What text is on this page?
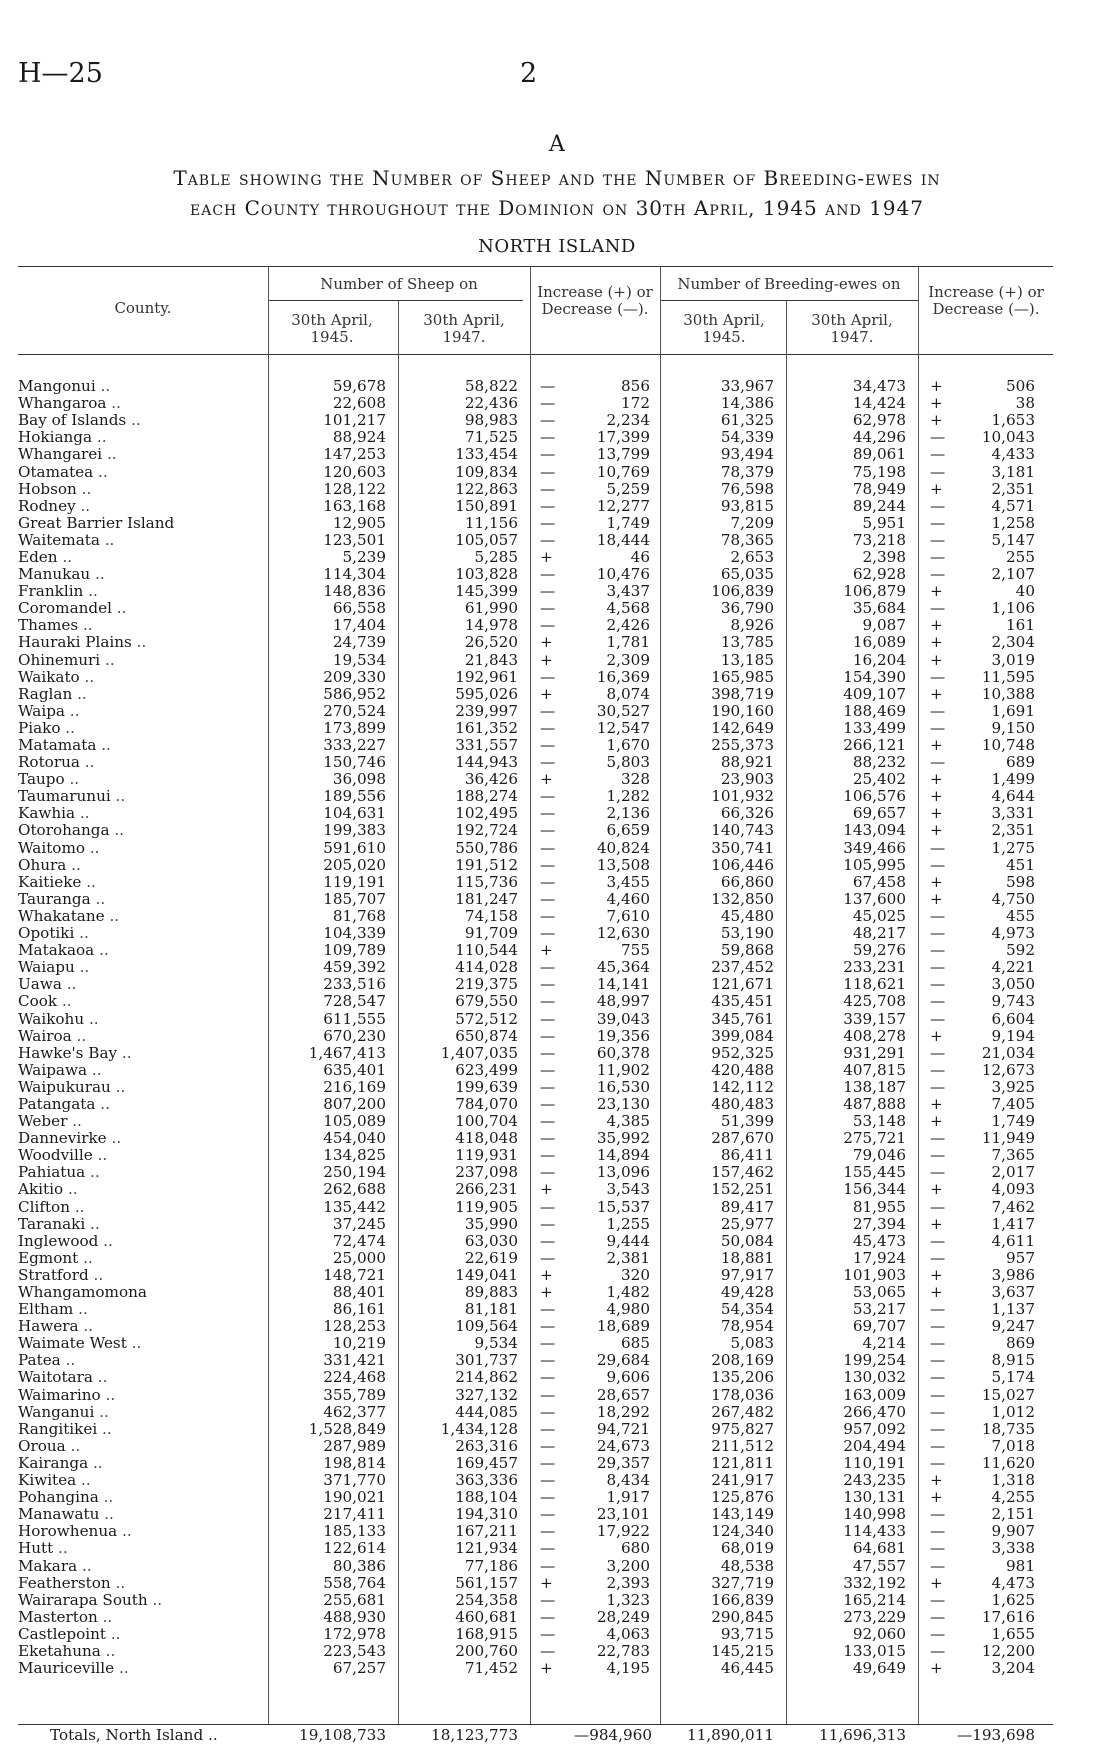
H—25	2
A
Table showing the Number of Sheep and the Number of Breeding-ewes in
each County throughout the Dominion on 30th April, 1945 and 1947
NORTH ISLAND
County.
Number of Sheep on
30th April, 1945.
30th April, 1947.
Increase (+) or Decrease (—).
Number of Breeding-ewes on
30th April, 1945.
30th April, 1947.
Increase (+) or Decrease (—).
Mangonui ..	59,678	58,822	— 856	33,967	34,473	+ 506
Whangaroa ..	22,608	22,436	— 172	14,386	14,424	+ 38
Bay of Islands ..	101,217	98,983	— 2,234	61,325	62,978	+ 1,653
Hokianga ..	88,924	71,525	— 17,399	54,339	44,296	— 10,043
Whangarei ..	147,253	133,454	— 13,799	93,494	89,061	— 4,433
Otamatea ..	120,603	109,834	— 10,769	78,379	75,198	— 3,181
Hobson ..	128,122	122,863	— 5,259	76,598	78,949	+ 2,351
Rodney ..	163,168	150,891	— 12,277	93,815	89,244	— 4,571
Great Barrier Island	12,905	11,156	— 1,749	7,209	5,951	— 1,258
Waitemata ..	123,501	105,057	— 18,444	78,365	73,218	— 5,147
Eden ..	5,239	5,285	+ 46	2,653	2,398	— 255
Manukau ..	114,304	103,828	— 10,476	65,035	62,928	— 2,107
Franklin ..	148,836	145,399	— 3,437	106,839	106,879	+ 40
Coromandel ..	66,558	61,990	— 4,568	36,790	35,684	— 1,106
Thames ..	17,404	14,978	— 2,426	8,926	9,087	+ 161
Hauraki Plains ..	24,739	26,520	+ 1,781	13,785	16,089	+ 2,304
Ohinemuri ..	19,534	21,843	+ 2,309	13,185	16,204	+ 3,019
Waikato ..	209,330	192,961	— 16,369	165,985	154,390	— 11,595
Raglan ..	586,952	595,026	+ 8,074	398,719	409,107	+ 10,388
Waipa ..	270,524	239,997	— 30,527	190,160	188,469	— 1,691
Piako ..	173,899	161,352	— 12,547	142,649	133,499	— 9,150
Matamata ..	333,227	331,557	— 1,670	255,373	266,121	+ 10,748
Rotorua ..	150,746	144,943	— 5,803	88,921	88,232	— 689
Taupo ..	36,098	36,426	+ 328	23,903	25,402	+ 1,499
Taumarunui ..	189,556	188,274	— 1,282	101,932	106,576	+ 4,644
Kawhia ..	104,631	102,495	— 2,136	66,326	69,657	+ 3,331
Otorohanga ..	199,383	192,724	— 6,659	140,743	143,094	+ 2,351
Waitomo ..	591,610	550,786	— 40,824	350,741	349,466	— 1,275
Ohura ..	205,020	191,512	— 13,508	106,446	105,995	— 451
Kaitieke ..	119,191	115,736	— 3,455	66,860	67,458	+ 598
Tauranga ..	185,707	181,247	— 4,460	132,850	137,600	+ 4,750
Whakatane ..	81,768	74,158	— 7,610	45,480	45,025	— 455
Opotiki ..	104,339	91,709	— 12,630	53,190	48,217	— 4,973
Matakaoa ..	109,789	110,544	+ 755	59,868	59,276	— 592
Waiapu ..	459,392	414,028	— 45,364	237,452	233,231	— 4,221
Uawa ..	233,516	219,375	— 14,141	121,671	118,621	— 3,050
Cook ..	728,547	679,550	— 48,997	435,451	425,708	— 9,743
Waikohu ..	611,555	572,512	— 39,043	345,761	339,157	— 6,604
Wairoa ..	670,230	650,874	— 19,356	399,084	408,278	+ 9,194
Hawke's Bay ..	1,467,413	1,407,035	— 60,378	952,325	931,291	— 21,034
Waipawa ..	635,401	623,499	— 11,902	420,488	407,815	— 12,673
Waipukurau ..	216,169	199,639	— 16,530	142,112	138,187	— 3,925
Patangata ..	807,200	784,070	— 23,130	480,483	487,888	+ 7,405
Weber ..	105,089	100,704	— 4,385	51,399	53,148	+ 1,749
Dannevirke ..	454,040	418,048	— 35,992	287,670	275,721	— 11,949
Woodville ..	134,825	119,931	— 14,894	86,411	79,046	— 7,365
Pahiatua ..	250,194	237,098	— 13,096	157,462	155,445	— 2,017
Akitio ..	262,688	266,231	+ 3,543	152,251	156,344	+ 4,093
Clifton ..	135,442	119,905	— 15,537	89,417	81,955	— 7,462
Taranaki ..	37,245	35,990	— 1,255	25,977	27,394	+ 1,417
Inglewood ..	72,474	63,030	— 9,444	50,084	45,473	— 4,611
Egmont ..	25,000	22,619	— 2,381	18,881	17,924	— 957
Stratford ..	148,721	149,041	+ 320	97,917	101,903	+ 3,986
Whangamomona	88,401	89,883	+ 1,482	49,428	53,065	+ 3,637
Eltham ..	86,161	81,181	— 4,980	54,354	53,217	— 1,137
Hawera ..	128,253	109,564	— 18,689	78,954	69,707	— 9,247
Waimate West ..	10,219	9,534	— 685	5,083	4,214	— 869
Patea ..	331,421	301,737	— 29,684	208,169	199,254	— 8,915
Waitotara ..	224,468	214,862	— 9,606	135,206	130,032	— 5,174
Waimarino ..	355,789	327,132	— 28,657	178,036	163,009	— 15,027
Wanganui ..	462,377	444,085	— 18,292	267,482	266,470	— 1,012
Rangitikei ..	1,528,849	1,434,128	— 94,721	975,827	957,092	— 18,735
Oroua ..	287,989	263,316	— 24,673	211,512	204,494	— 7,018
Kairanga ..	198,814	169,457	— 29,357	121,811	110,191	— 11,620
Kiwitea ..	371,770	363,336	— 8,434	241,917	243,235	+ 1,318
Pohangina ..	190,021	188,104	— 1,917	125,876	130,131	+ 4,255
Manawatu ..	217,411	194,310	— 23,101	143,149	140,998	— 2,151
Horowhenua ..	185,133	167,211	— 17,922	124,340	114,433	— 9,907
Hutt ..	122,614	121,934	— 680	68,019	64,681	— 3,338
Makara ..	80,386	77,186	— 3,200	48,538	47,557	— 981
Featherston ..	558,764	561,157	+ 2,393	327,719	332,192	+ 4,473
Wairarapa South ..	255,681	254,358	— 1,323	166,839	165,214	— 1,625
Masterton ..	488,930	460,681	— 28,249	290,845	273,229	— 17,616
Castlepoint ..	172,978	168,915	— 4,063	93,715	92,060	— 1,655
Eketahuna ..	223,543	200,760	— 22,783	145,215	133,015	— 12,200
Mauriceville ..	67,257	71,452	+ 4,195	46,445	49,649	+ 3,204
Totals, North Island ..	19,108,733	18,123,773	—984,960	11,890,011	11,696,313	—193,698
